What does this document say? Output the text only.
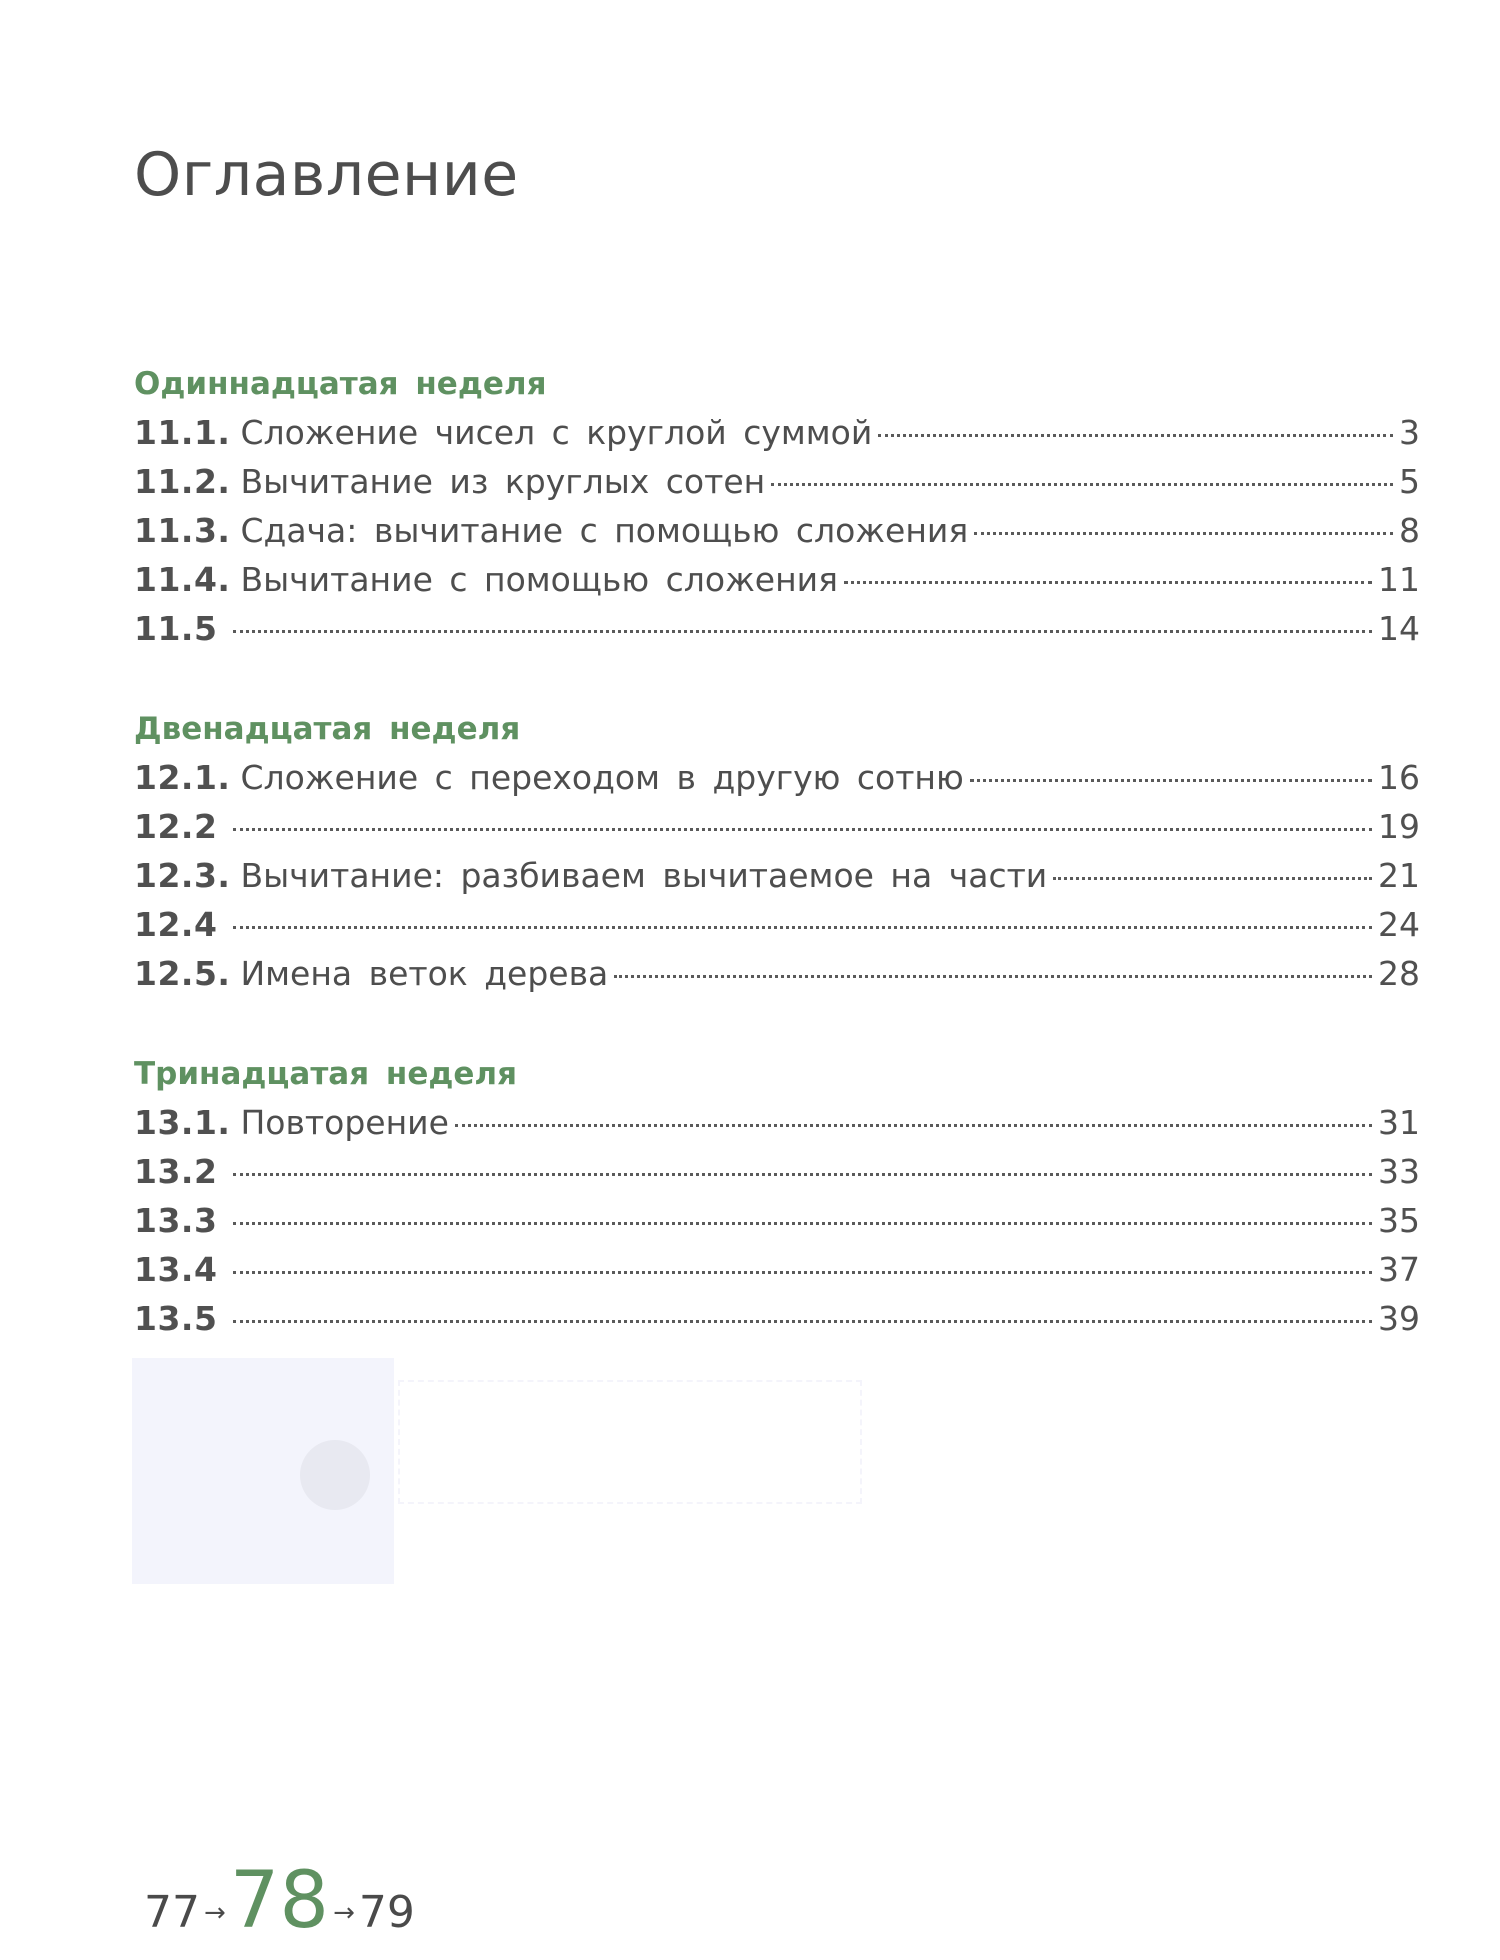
Оглавление
Одиннадцатая неделя
11.1. Сложение чисел с круглой суммой	3
11.2. Вычитание из круглых сотен	5
11.3. Сдача: вычитание с помощью сложения	8
11.4. Вычитание с помощью сложения	11
11.5	14
Двенадцатая неделя
12.1. Сложение с переходом в другую сотню	16
12.2	19
12.3. Вычитание: разбиваем вычитаемое на части	21
12.4	24
12.5. Имена веток дерева	28
Тринадцатая неделя
13.1. Повторение	31
13.2	33
13.3	35
13.4	37
13.5	39
77 → 78 → 79
